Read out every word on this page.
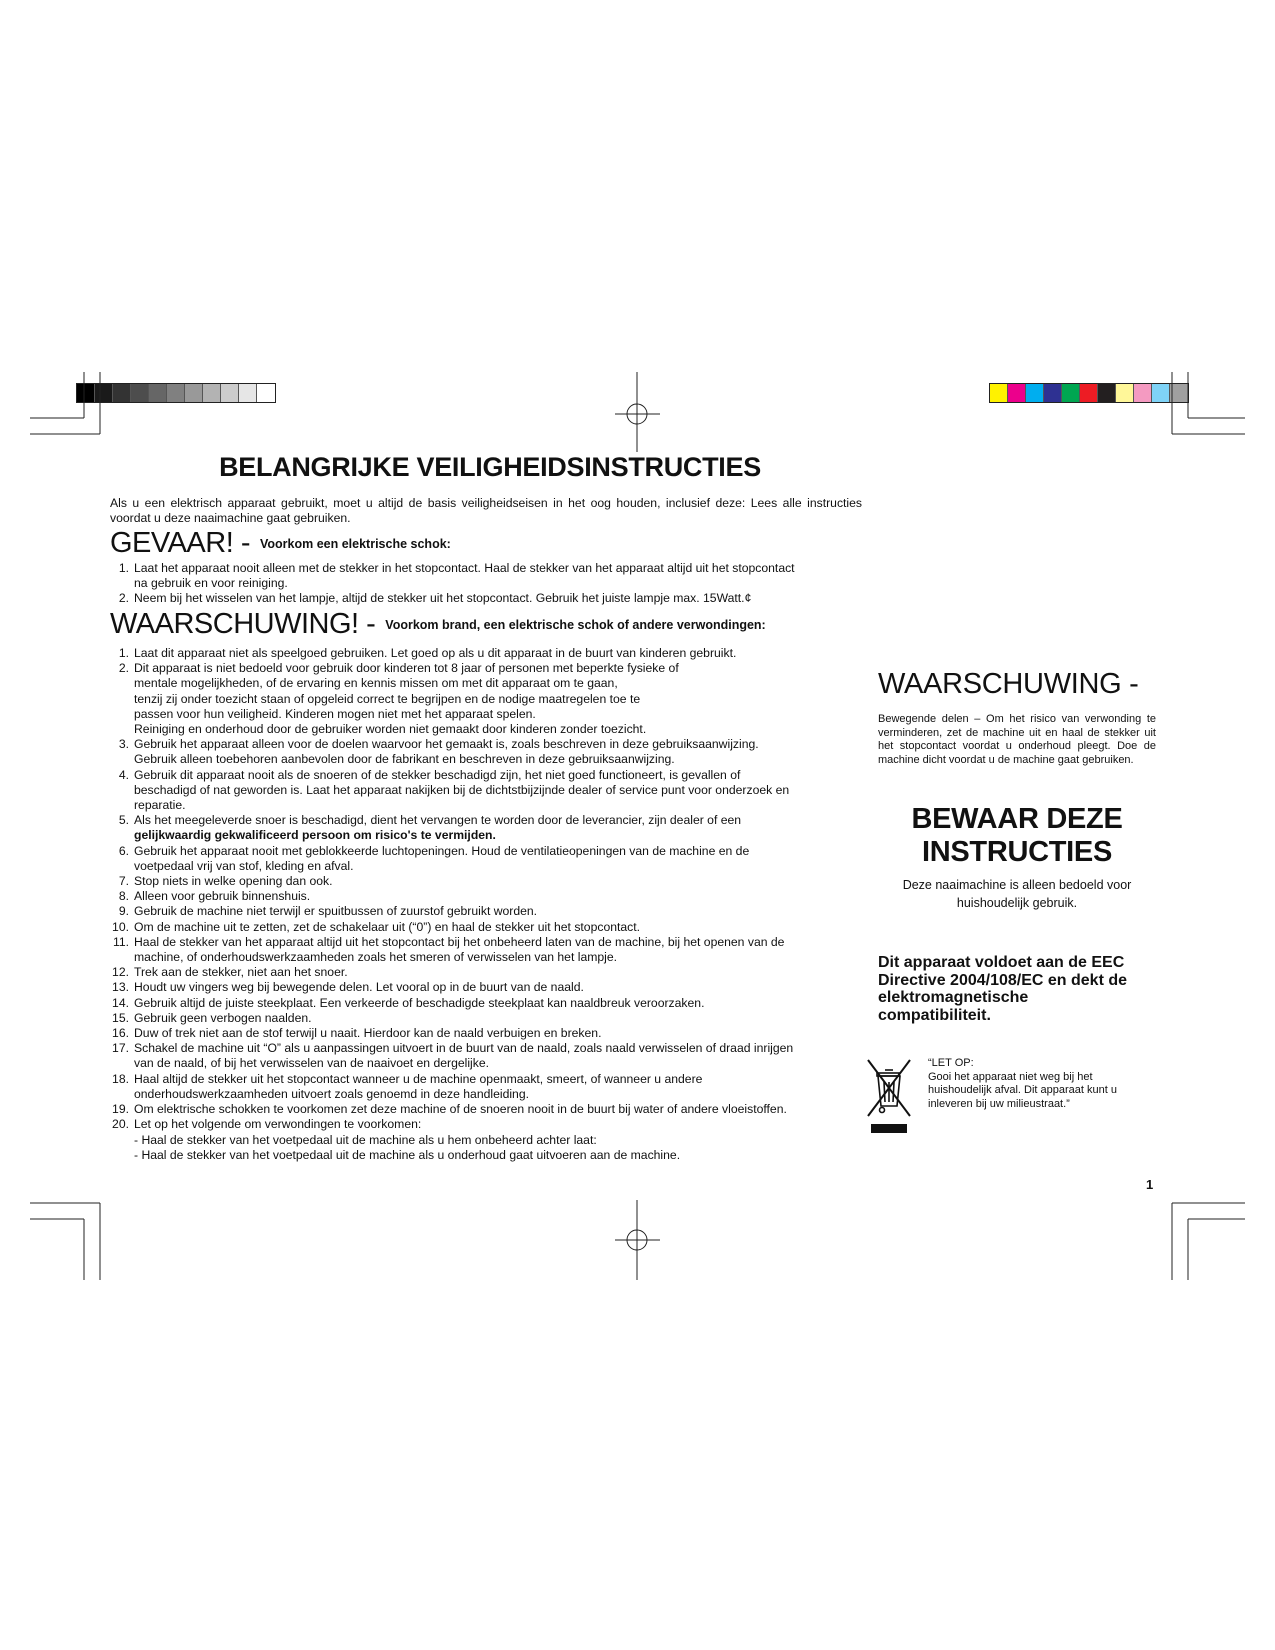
BELANGRIJKE VEILIGHEIDSINSTRUCTIES

Als u een elektrisch apparaat gebruikt, moet u altijd de basis veiligheidseisen in het oog houden, inclusief deze: Lees alle instructies voordat u deze naaimachine gaat gebruiken.

GEVAAR! - $^{Voorkom een elektrische schok:}$
1. Laat het apparaat nooit alleen met de stekker in het stopcontact. Haal de stekker van het apparaat altijd uit het stopcontact
na gebruik en voor reiniging.
2. Neem bij het wisselen van het lampje, altijd de stekker uit het stopcontact. Gebruik het juiste lampje max. 15Watt.¢
WAARSCHUWING! - $^{Voorkom brand, een elektrische schok of andere verwondingen:}$
1. Laat dit apparaat niet als speelgoed gebruiken. Let goed op als u dit apparaat in de buurt van kinderen gebruikt.
2. Dit apparaat is niet bedoeld voor gebruik door kinderen tot 8 jaar of personen met beperkte fysieke of
mentale mogelijkheden, of de ervaring en kennis missen om met dit apparaat om te gaan,
tenzij zij onder toezicht staan of opgeleid correct te begrijpen en de nodige maatregelen toe te
passen voor hun veiligheid. Kinderen mogen niet met het apparaat spelen.
Reiniging en onderhoud door de gebruiker worden niet gemaakt door kinderen zonder toezicht.
3. Gebruik het apparaat alleen voor de doelen waarvoor het gemaakt is, zoals beschreven in deze gebruiksaanwijzing.
Gebruik alleen toebehoren aanbevolen door de fabrikant en beschreven in deze gebruiksaanwijzing.
4. Gebruik dit apparaat nooit als de snoeren of de stekker beschadigd zijn, het niet goed functioneert, is gevallen of
beschadigd of nat geworden is. Laat het apparaat nakijken bij de dichtstbijzijnde dealer of service punt voor onderzoek en
reparatie.
5. Als het meegeleverde snoer is beschadigd, dient het vervangen te worden door de leverancier, zijn dealer of een
gelijkwaardig gekwalificeerd persoon om risico's te vermijden.
6. Gebruik het apparaat nooit met geblokkeerde luchtopeningen. Houd de ventilatieopeningen van de machine en de
voetpedaal vrij van stof, kleding en afval.
7. Stop niets in welke opening dan ook.
8. Alleen voor gebruik binnenshuis.
9. Gebruik de machine niet terwijl er spuitbussen of zuurstof gebruikt worden.
10. Om de machine uit te zetten, zet de schakelaar uit (“0”) en haal de stekker uit het stopcontact.
11. Haal de stekker van het apparaat altijd uit het stopcontact bij het onbeheerd laten van de machine, bij het openen van de
machine, of onderhoudswerkzaamheden zoals het smeren of verwisselen van het lampje.
12. Trek aan de stekker, niet aan het snoer.
13. Houdt uw vingers weg bij bewegende delen. Let vooral op in de buurt van de naald.
14. Gebruik altijd de juiste steekplaat. Een verkeerde of beschadigde steekplaat kan naaldbreuk veroorzaken.
15. Gebruik geen verbogen naalden.
16. Duw of trek niet aan de stof terwijl u naait. Hierdoor kan de naald verbuigen en breken.
17. Schakel de machine uit “O” als u aanpassingen uitvoert in de buurt van de naald, zoals naald verwisselen of draad inrijgen
van de naald, of bij het verwisselen van de naaivoet en dergelijke.
18. Haal altijd de stekker uit het stopcontact wanneer u de machine openmaakt, smeert, of wanneer u andere
onderhoudswerkzaamheden uitvoert zoals genoemd in deze handleiding.
19. Om elektrische schokken te voorkomen zet deze machine of de snoeren nooit in de buurt bij water of andere vloeistoffen.
20. Let op het volgende om verwondingen te voorkomen:
- Haal de stekker van het voetpedaal uit de machine als u hem onbeheerd achter laat:
- Haal de stekker van het voetpedaal uit de machine als u onderhoud gaat uitvoeren aan de machine.
WAARSCHUWING -

Bewegende delen – Om het risico van verwonding te verminderen, zet de machine uit en haal de stekker uit het stopcontact voordat u onderhoud pleegt. Doe de machine dicht voordat u de machine gaat gebruiken.

BEWAAR DEZE
INSTRUCTIES

Deze naaimachine is alleen bedoeld voor
huishoudelijk gebruik.

Dit apparaat voldoet aan de EEC
Directive 2004/108/EC en dekt de
elektromagnetische
compatibiliteit.

“LET OP:
Gooi het apparaat niet weg bij het
huishoudelijk afval. Dit apparaat kunt u
inleveren bij uw milieustraat.”

1
